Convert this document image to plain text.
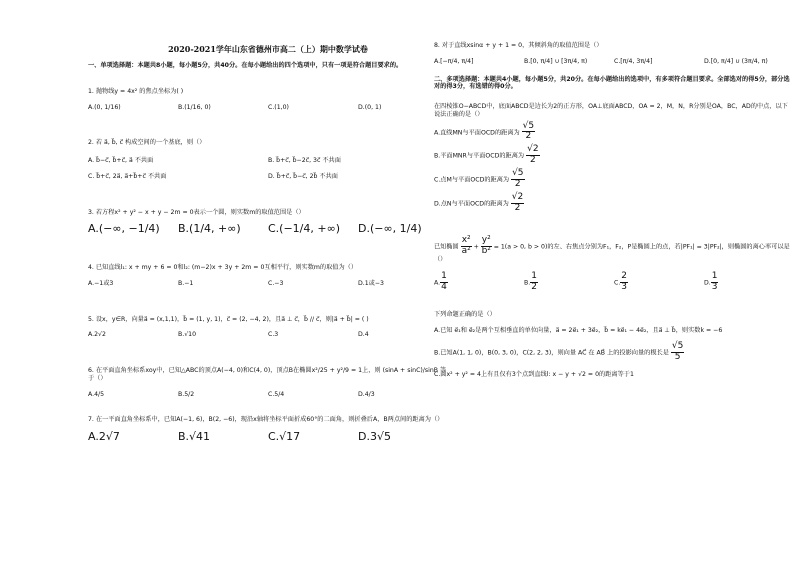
2020-2021学年山东省德州市高二（上）期中数学试卷
一、单项选择题：本题共8小题，每小题5分，共40分。在每小题给出的四个选项中，只有一项是符合题目要求的。
1. 抛物线y = 4x² 的焦点坐标为( )
A.(0, 1/16)	B.(1/16, 0)	C.(1,0)	D.(0, 1)
2. 若 a⃗, b⃗, c⃗ 构成空间的一个基底，则（）
A. b⃗−c⃗, b⃗+c⃗, a⃗ 不共面	B. b⃗+c⃗, b⃗−2c⃗, 3c⃗ 不共面
C. b⃗+c⃗, 2a⃗, a⃗+b⃗+c⃗ 不共面	D. b⃗+c⃗, b⃗−c⃗, 2b⃗ 不共面
3. 若方程x² + y² − x + y − 2m = 0表示一个圆，则实数m的取值范围是（）
A.(−∞, −1/4)	B.(1/4, +∞)	C.(−1/4, +∞)	D.(−∞, 1/4)
4. 已知直线l₁: x + my + 6 = 0和l₂: (m−2)x + 3y + 2m = 0互相平行，则实数m的取值为（）
A.−1或3	B.−1	C.−3	D.1或−3
5. 设x，y∈R，向量a⃗ = (x,1,1)，b⃗ = (1, y, 1)，c⃗ = (2, −4, 2)，且a⃗ ⊥ c⃗，b⃗ // c⃗，则|a⃗ + b⃗| = ( )
A.2√2	B.√10	C.3	D.4
6. 在平面直角坐标系xoy中，已知△ABC的顶点A(−4, 0)和C(4, 0)，顶点B在椭圆x²/25 + y²/9 = 1上，则 (sinA + sinC)/sinB 等于（）
A.4/5	B.5/2	C.5/4	D.4/3
7. 在一平面直角坐标系中，已知A(−1, 6)，B(2, −6)，现沿x轴将坐标平面折成60°的二面角，则折叠后A，B两点间的距离为（）
A.2√7	B.√41	C.√17	D.3√5
8. 对于直线xsinα + y + 1 = 0，其倾斜角的取值范围是（）
A.[−π/4, π/4]	B.[0, π/4] ∪ [3π/4, π)	C.[π/4, 3π/4]	D.[0, π/4] ∪ (3π/4, π)
二、多项选择题：本题共4小题，每小题5分，共20分。在每小题给出的选项中，有多项符合题目要求。全部选对的得5分，部分选对的得3分，有选错的得0分。
在四棱锥O−ABCD中，底面ABCD是边长为2的正方形，OA⊥底面ABCD，OA = 2，M，N，R分别是OA，BC，AD的中点，以下说法正确的是（）
A.直线MN与平面OCD的距离为 $\frac{√5}{2}$
B.平面MNR与平面OCD的距离为 $\frac{√2}{2}$
C.点M与平面OCD的距离为 $\frac{√5}{2}$
D.点N与平面OCD的距离为 $\frac{√2}{2}$
已知椭圆 $\frac{\text{x²}}{\text{a²}} + \frac{\text{y²}}{\text{b²}} = 1(a > 0$, b > 0)的左、右焦点分别为F₁，F₂，P是椭圆上的点，若|PF₁| = 3|PF₂|，则椭圆的离心率可以是（）
A. $\frac{1}{4}$	B. $\frac{1}{2}$	C. $\frac{2}{3}$	D. $\frac{1}{3}$
下列命题正确的是（）
A.已知 e⃗₁和 e⃗₂是两个互相垂直的单位向量，a⃗ = 2e⃗₁ + 3e⃗₂，b⃗ = ke⃗₁ − 4e⃗₂，且a⃗ ⊥ b⃗，则实数k = −6
B.已知A(1, 1, 0)，B(0, 3, 0)，C(2, 2, 3)，则向量 AC⃗ 在 AB⃗ 上的投影向量的模长是 $\frac{√5}{5}$
C.圆x² + y² = 4上有且仅有3个点到直线l: x − y + √2 = 0的距离等于1
